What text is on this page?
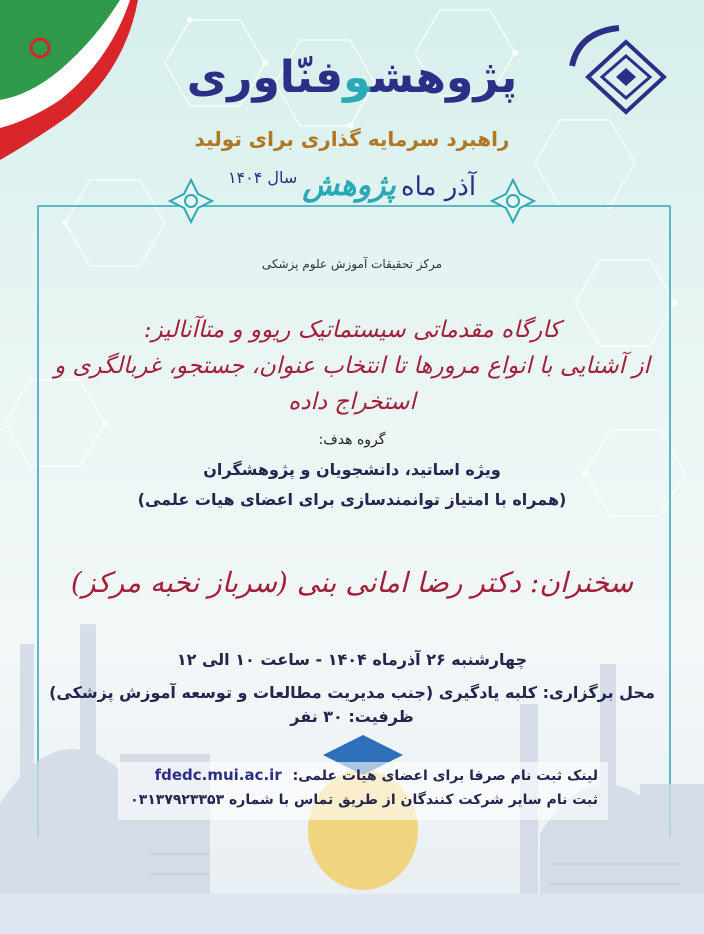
پژوهشوفنّاوری
راهبرد سرمایه گذاری برای تولید
آذر ماه پژوهش سال ۱۴۰۴
مرکز تحقیقات آموزش علوم پزشکی
کارگاه مقدماتی سیستماتیک ریوو و متاآنالیز:
از آشنایی با انواع مرورها تا انتخاب عنوان، جستجو، غربالگری و استخراج داده
گروه هدف:
ویژه اساتید، دانشجویان و پژوهشگران
(همراه با امتیاز توانمندسازی برای اعضای هیات علمی)
سخنران: دکتر رضا امانی بنی (سرباز نخبه مرکز)
چهارشنبه ۲۶ آذرماه ۱۴۰۴ - ساعت ۱۰ الی ۱۲
محل برگزاری: کلبه یادگیری (جنب مدیریت مطالعات و توسعه آموزش پزشکی)
ظرفیت: ۳۰ نفر
لینک ثبت نام صرفا برای اعضای هیات علمی: fdedc.mui.ac.ir
ثبت نام سایر شرکت کنندگان از طریق تماس با شماره ۰۳۱۳۷۹۲۳۳۵۳
